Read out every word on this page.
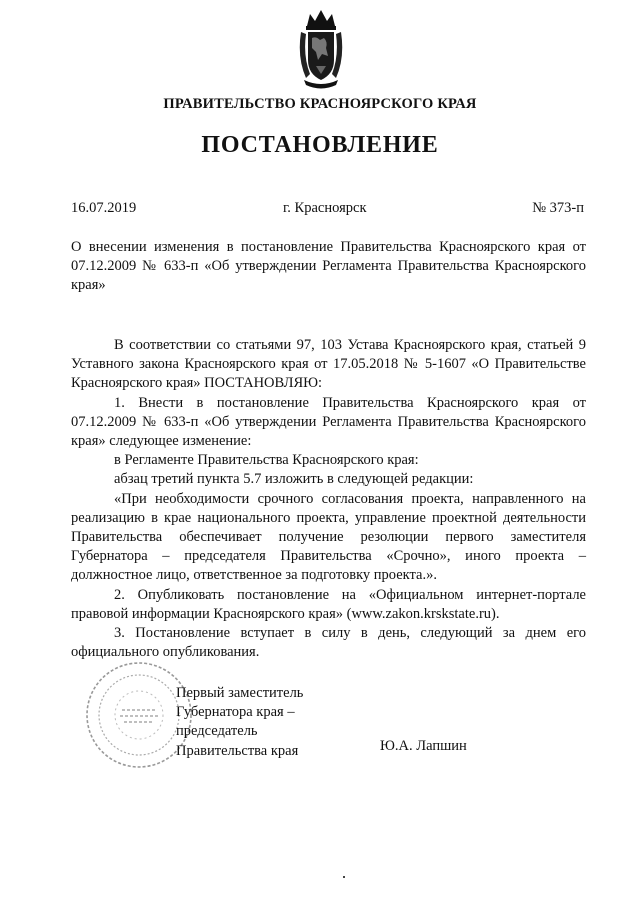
ПРАВИТЕЛЬСТВО КРАСНОЯРСКОГО КРАЯ
ПОСТАНОВЛЕНИЕ
16.07.2019	г. Красноярск	№ 373-п
О внесении изменения в постановление Правительства Красноярского края от 07.12.2009 № 633-п «Об утверждении Регламента Правительства Красноярского края»

В соответствии со статьями 97, 103 Устава Красноярского края, статьей 9 Уставного закона Красноярского края от 17.05.2018 № 5-1607 «О Правительстве Красноярского края» ПОСТАНОВЛЯЮ:

1. Внести в постановление Правительства Красноярского края от 07.12.2009 № 633-п «Об утверждении Регламента Правительства Красноярского края» следующее изменение:

в Регламенте Правительства Красноярского края:

абзац третий пункта 5.7 изложить в следующей редакции:

«При необходимости срочного согласования проекта, направленного на реализацию в крае национального проекта, управление проектной деятельности Правительства обеспечивает получение резолюции первого заместителя Губернатора – председателя Правительства «Срочно», иного проекта – должностное лицо, ответственное за подготовку проекта.».

2. Опубликовать постановление на «Официальном интернет-портале правовой информации Красноярского края» (www.zakon.krskstate.ru).

3. Постановление вступает в силу в день, следующий за днем его официального опубликования.

Первый заместитель
Губернатора края –
председатель
Правительства края	Ю.А. Лапшин
